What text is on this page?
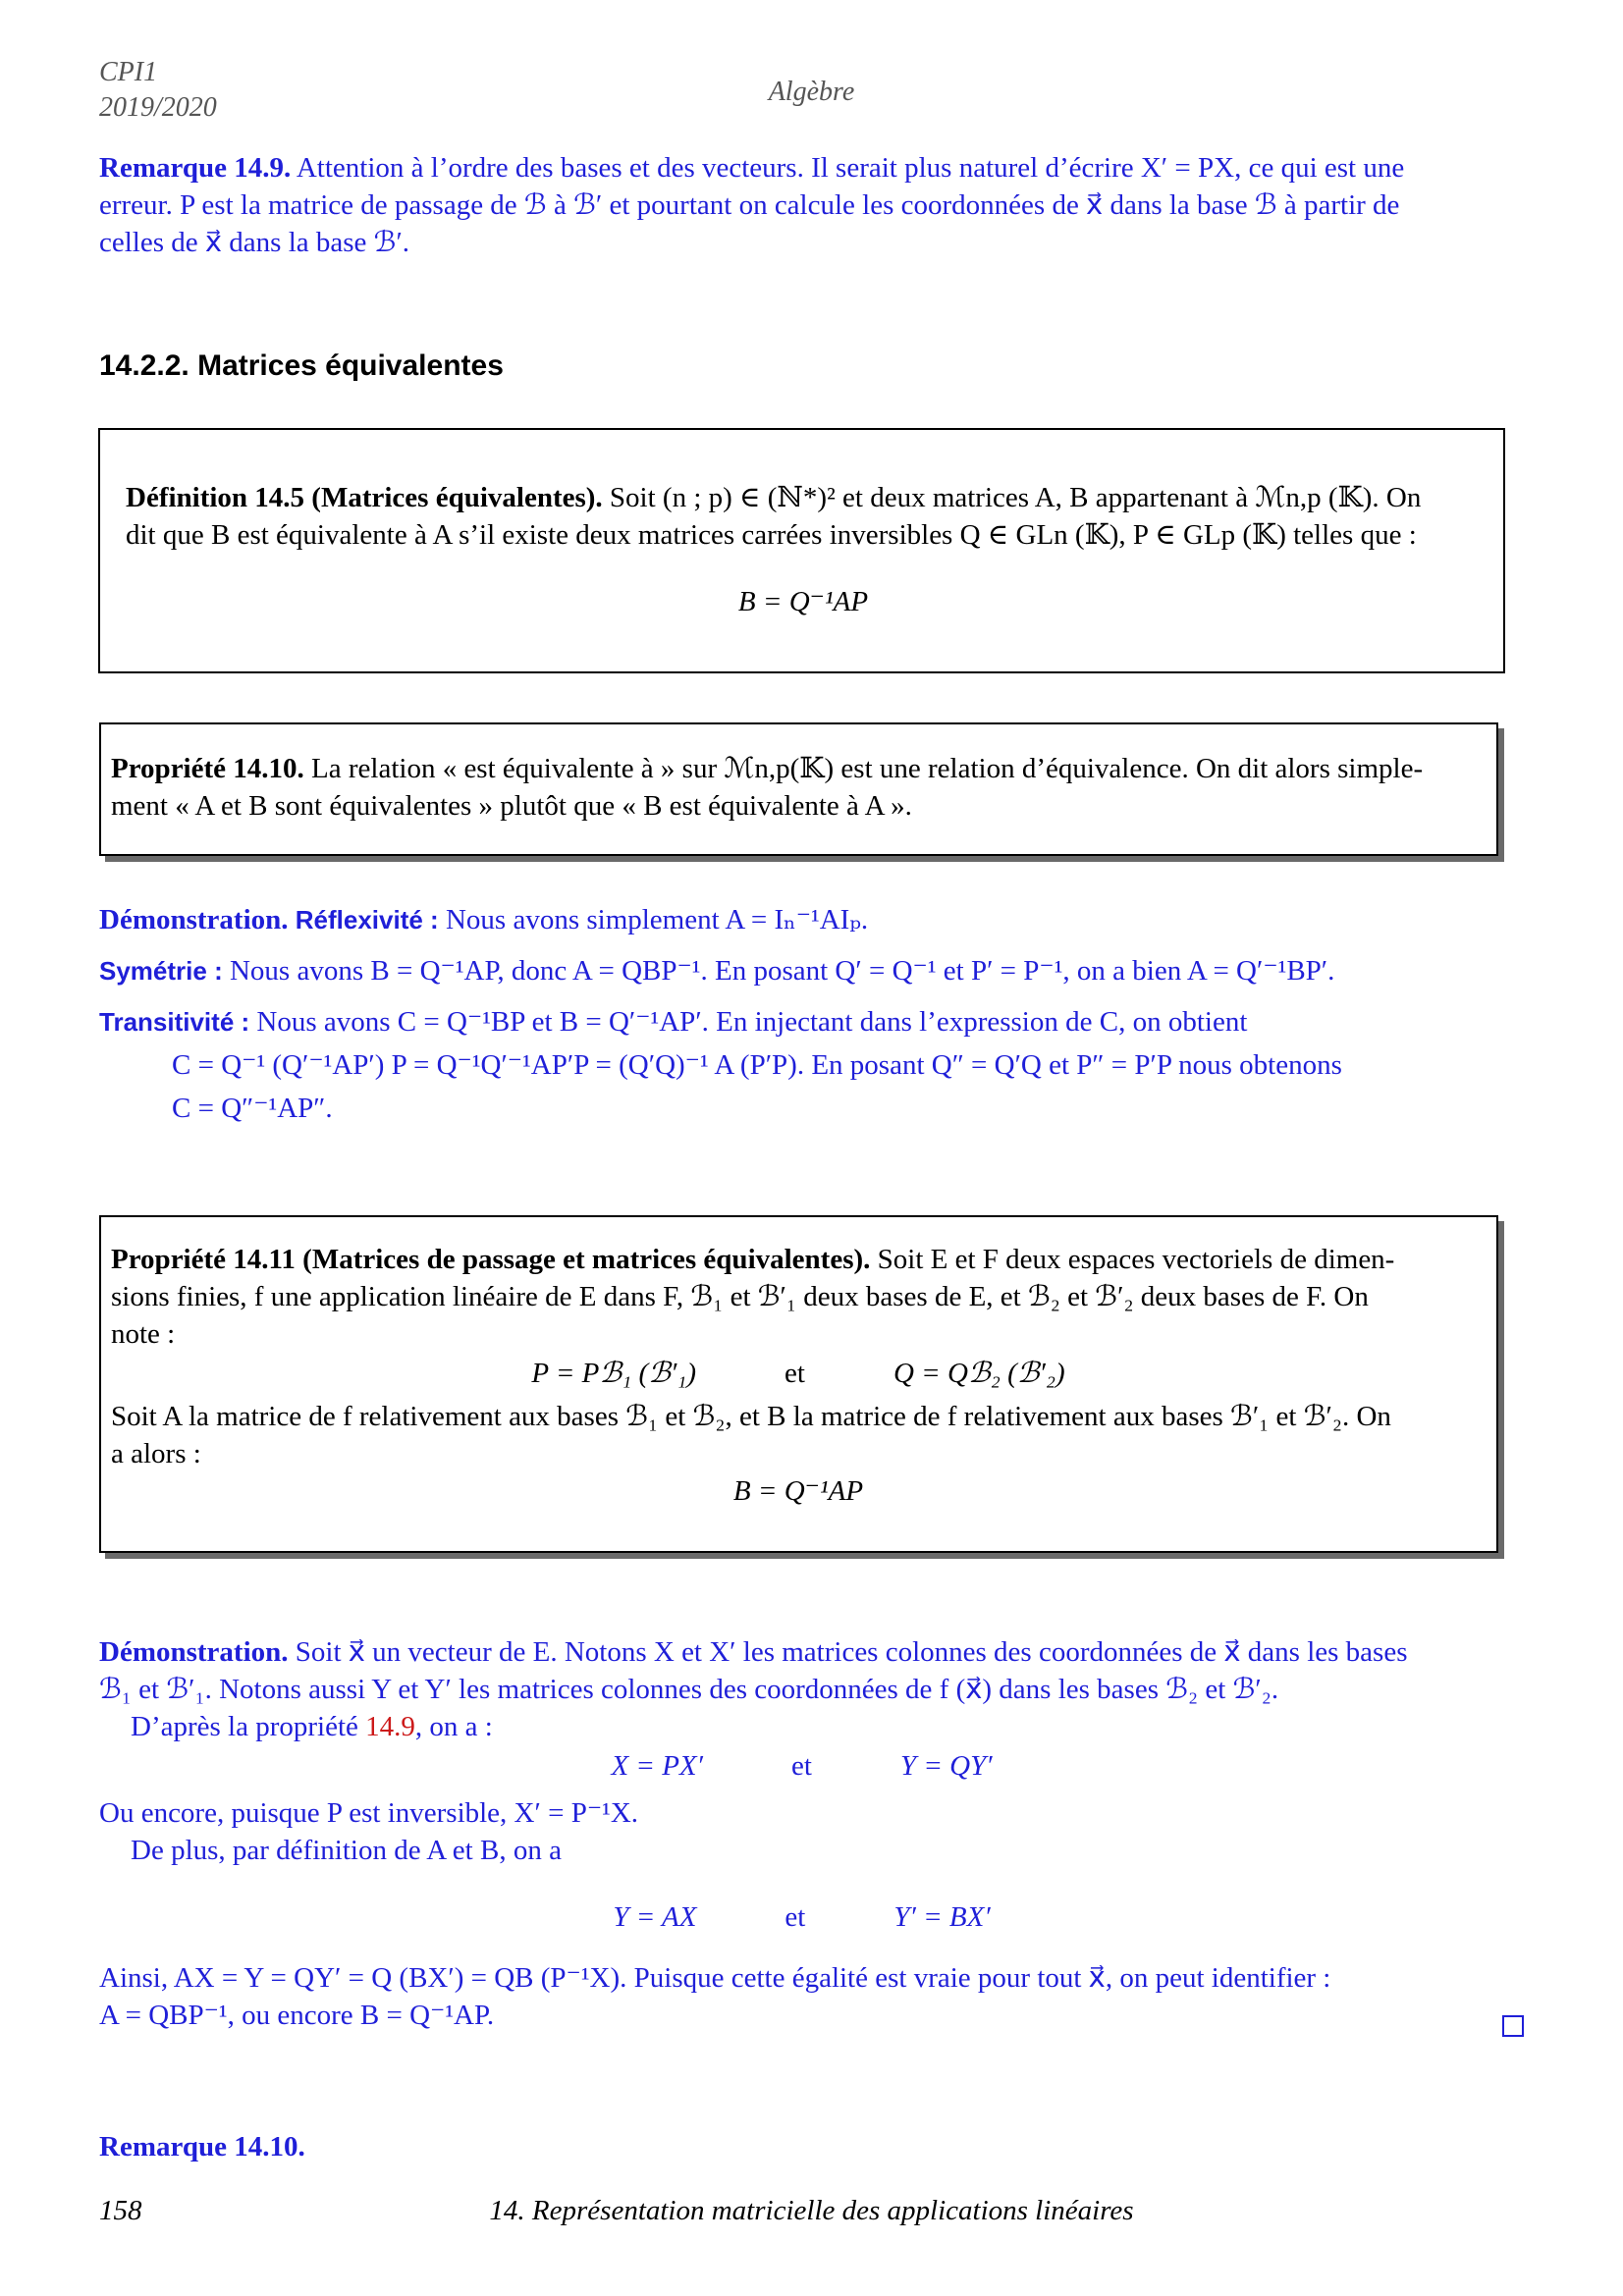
CPI1
2019/2020
Algèbre

Remarque 14.9. Attention à l’ordre des bases et des vecteurs. Il serait plus naturel d’écrire X′ = PX, ce qui est une

erreur. P est la matrice de passage de ℬ à ℬ′ et pourtant on calcule les coordonnées de x⃗ dans la base ℬ à partir de

celles de x⃗ dans la base ℬ′.

14.2.2. Matrices équivalentes

Définition 14.5 (Matrices équivalentes). Soit (n ; p) ∈ (ℕ*)² et deux matrices A, B appartenant à ℳn,p (𝕂). On

dit que B est équivalente à A s’il existe deux matrices carrées inversibles Q ∈ GLn (𝕂), P ∈ GLp (𝕂) telles que :

B = Q⁻¹AP

Propriété 14.10. La relation « est équivalente à » sur ℳn,p(𝕂) est une relation d’équivalence. On dit alors simple-

ment « A et B sont équivalentes » plutôt que « B est équivalente à A ».

Démonstration. Réflexivité : Nous avons simplement A = Iₙ⁻¹AIₚ.

Symétrie : Nous avons B = Q⁻¹AP, donc A = QBP⁻¹. En posant Q′ = Q⁻¹ et P′ = P⁻¹, on a bien A = Q′⁻¹BP′.

Transitivité : Nous avons C = Q⁻¹BP et B = Q′⁻¹AP′. En injectant dans l’expression de C, on obtient

C = Q⁻¹ (Q′⁻¹AP′) P = Q⁻¹Q′⁻¹AP′P = (Q′Q)⁻¹ A (P′P). En posant Q″ = Q′Q et P″ = P′P nous obtenons

C = Q″⁻¹AP″.

Propriété 14.11 (Matrices de passage et matrices équivalentes). Soit E et F deux espaces vectoriels de dimen-

sions finies, f une application linéaire de E dans F, ℬ₁ et ℬ′₁ deux bases de E, et ℬ₂ et ℬ′₂ deux bases de F. On

note :

P = Pℬ₁ (ℬ′₁)	et	Q = Qℬ₂ (ℬ′₂)

Soit A la matrice de f relativement aux bases ℬ₁ et ℬ₂, et B la matrice de f relativement aux bases ℬ′₁ et ℬ′₂. On

a alors :

B = Q⁻¹AP

Démonstration. Soit x⃗ un vecteur de E. Notons X et X′ les matrices colonnes des coordonnées de x⃗ dans les bases

ℬ₁ et ℬ′₁. Notons aussi Y et Y′ les matrices colonnes des coordonnées de f (x⃗) dans les bases ℬ₂ et ℬ′₂.

D’après la propriété 14.9, on a :

X = PX′	et	Y = QY′

Ou encore, puisque P est inversible, X′ = P⁻¹X.

De plus, par définition de A et B, on a

Y = AX	et	Y′ = BX′

Ainsi, AX = Y = QY′ = Q (BX′) = QB (P⁻¹X). Puisque cette égalité est vraie pour tout x⃗, on peut identifier :

A = QBP⁻¹, ou encore B = Q⁻¹AP.

Remarque 14.10.

158	14. Représentation matricielle des applications linéaires
